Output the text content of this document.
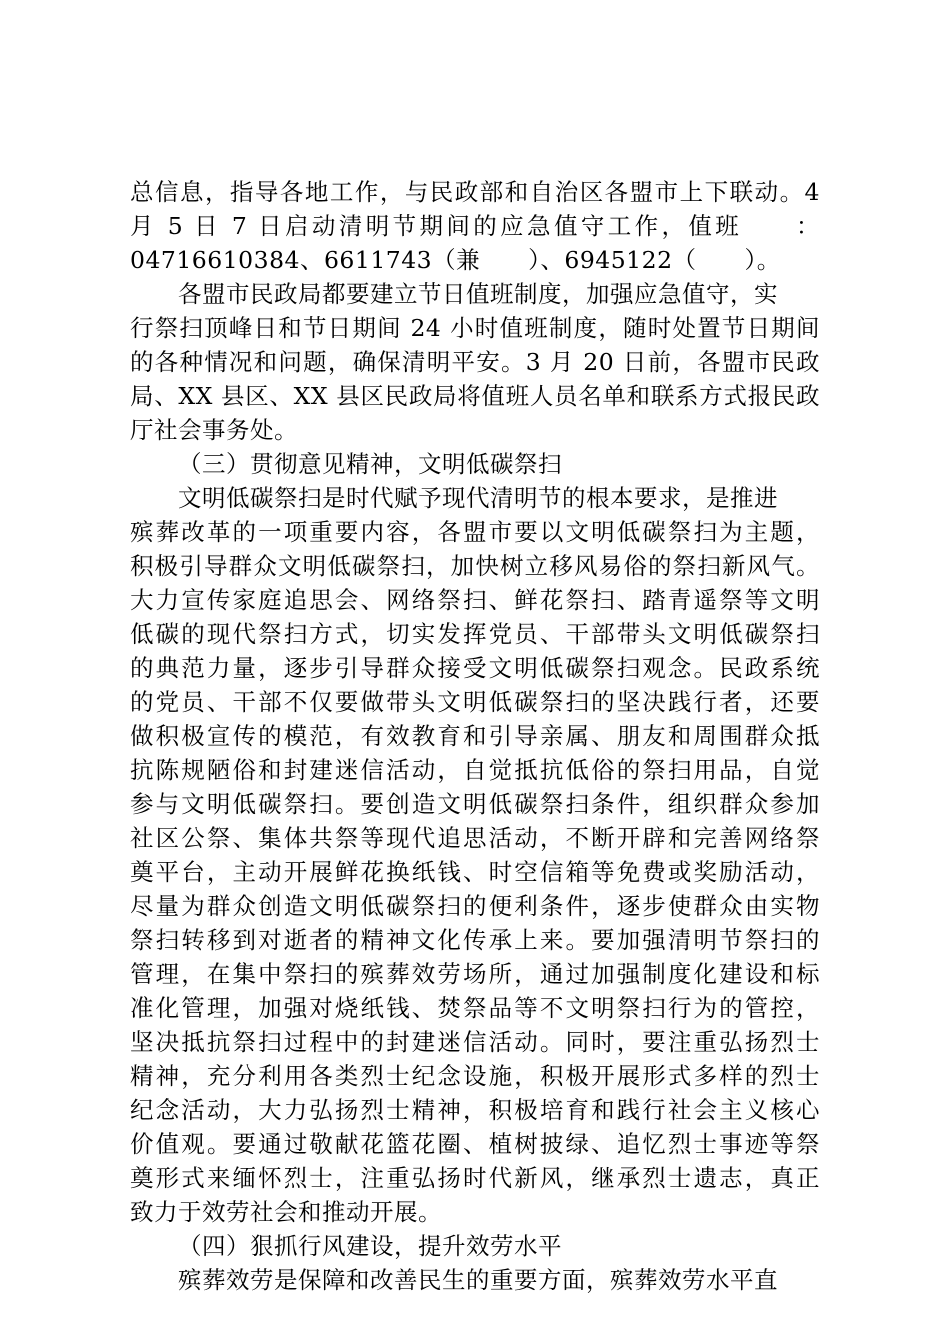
总信息，指导各地工作，与民政部和自治区各盟市上下联动。4
月 5 日 7 日启动清明节期间的应急值守工作，值班　　：
04716610384、6611743（兼　　）、6945122（　　）。
各盟市民政局都要建立节日值班制度，加强应急值守，实
行祭扫顶峰日和节日期间 24 小时值班制度，随时处置节日期间
的各种情况和问题，确保清明平安。3 月 20 日前，各盟市民政
局、XX 县区、XX 县区民政局将值班人员名单和联系方式报民政
厅社会事务处。
（三）贯彻意见精神，文明低碳祭扫
文明低碳祭扫是时代赋予现代清明节的根本要求，是推进
殡葬改革的一项重要内容，各盟市要以文明低碳祭扫为主题，
积极引导群众文明低碳祭扫，加快树立移风易俗的祭扫新风气。
大力宣传家庭追思会、网络祭扫、鲜花祭扫、踏青遥祭等文明
低碳的现代祭扫方式，切实发挥党员、干部带头文明低碳祭扫
的典范力量，逐步引导群众接受文明低碳祭扫观念。民政系统
的党员、干部不仅要做带头文明低碳祭扫的坚决践行者，还要
做积极宣传的模范，有效教育和引导亲属、朋友和周围群众抵
抗陈规陋俗和封建迷信活动，自觉抵抗低俗的祭扫用品，自觉
参与文明低碳祭扫。要创造文明低碳祭扫条件，组织群众参加
社区公祭、集体共祭等现代追思活动，不断开辟和完善网络祭
奠平台，主动开展鲜花换纸钱、时空信箱等免费或奖励活动，
尽量为群众创造文明低碳祭扫的便利条件，逐步使群众由实物
祭扫转移到对逝者的精神文化传承上来。要加强清明节祭扫的
管理，在集中祭扫的殡葬效劳场所，通过加强制度化建设和标
准化管理，加强对烧纸钱、焚祭品等不文明祭扫行为的管控，
坚决抵抗祭扫过程中的封建迷信活动。同时，要注重弘扬烈士
精神，充分利用各类烈士纪念设施，积极开展形式多样的烈士
纪念活动，大力弘扬烈士精神，积极培育和践行社会主义核心
价值观。要通过敬献花篮花圈、植树披绿、追忆烈士事迹等祭
奠形式来缅怀烈士，注重弘扬时代新风，继承烈士遗志，真正
致力于效劳社会和推动开展。
（四）狠抓行风建设，提升效劳水平
殡葬效劳是保障和改善民生的重要方面，殡葬效劳水平直
